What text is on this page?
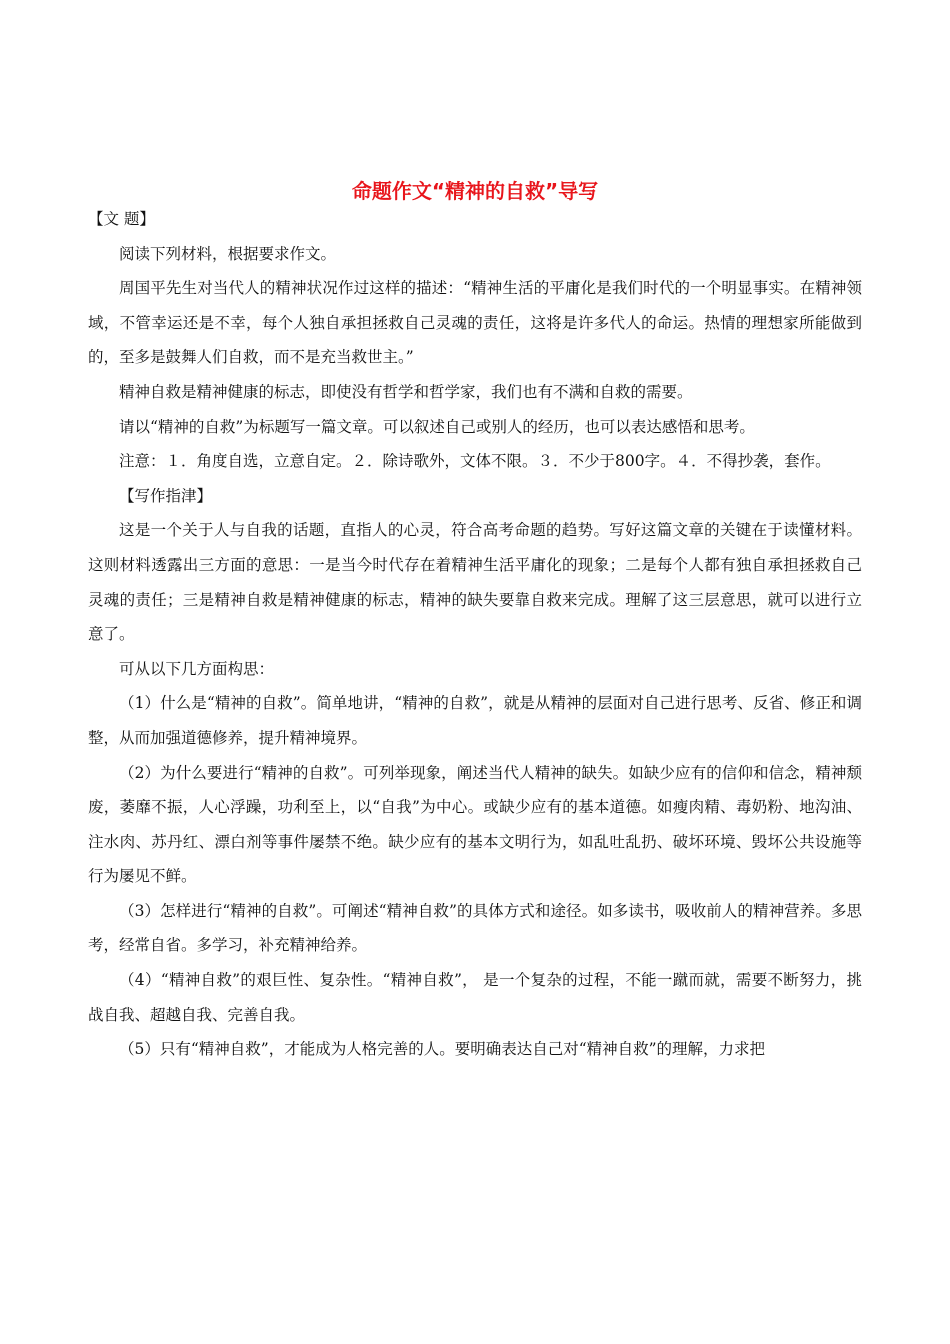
命题作文“精神的自救”导写

【文 题】

阅读下列材料，根据要求作文。

周国平先生对当代人的精神状况作过这样的描述：“精神生活的平庸化是我们时代的一个明显事实。在精神领域，不管幸运还是不幸，每个人独自承担拯救自己灵魂的责任，这将是许多代人的命运。热情的理想家所能做到的，至多是鼓舞人们自救，而不是充当救世主。”

精神自救是精神健康的标志，即使没有哲学和哲学家，我们也有不满和自救的需要。

请以“精神的自救”为标题写一篇文章。可以叙述自己或别人的经历，也可以表达感悟和思考。

注意：１．角度自选，立意自定。２．除诗歌外，文体不限。３．不少于800字。４．不得抄袭，套作。

【写作指津】

这是一个关于人与自我的话题，直指人的心灵，符合高考命题的趋势。写好这篇文章的关键在于读懂材料。这则材料透露出三方面的意思：一是当今时代存在着精神生活平庸化的现象；二是每个人都有独自承担拯救自己灵魂的责任；三是精神自救是精神健康的标志，精神的缺失要靠自救来完成。理解了这三层意思，就可以进行立意了。

可从以下几方面构思：

（1）什么是“精神的自救”。简单地讲，“精神的自救”，就是从精神的层面对自己进行思考、反省、修正和调整，从而加强道德修养，提升精神境界。

（2）为什么要进行“精神的自救”。可列举现象，阐述当代人精神的缺失。如缺少应有的信仰和信念，精神颓废，萎靡不振，人心浮躁，功利至上，以“自我”为中心。或缺少应有的基本道德。如瘦肉精、毒奶粉、地沟油、注水肉、苏丹红、漂白剂等事件屡禁不绝。缺少应有的基本文明行为，如乱吐乱扔、破坏环境、毁坏公共设施等行为屡见不鲜。

（3）怎样进行“精神的自救”。可阐述“精神自救”的具体方式和途径。如多读书，吸收前人的精神营养。多思考，经常自省。多学习，补充精神给养。

（4）“精神自救”的艰巨性、复杂性。“精神自救”， 是一个复杂的过程，不能一蹴而就，需要不断努力，挑战自我、超越自我、完善自我。

（5）只有“精神自救”，才能成为人格完善的人。要明确表达自己对“精神自救”的理解，力求把
